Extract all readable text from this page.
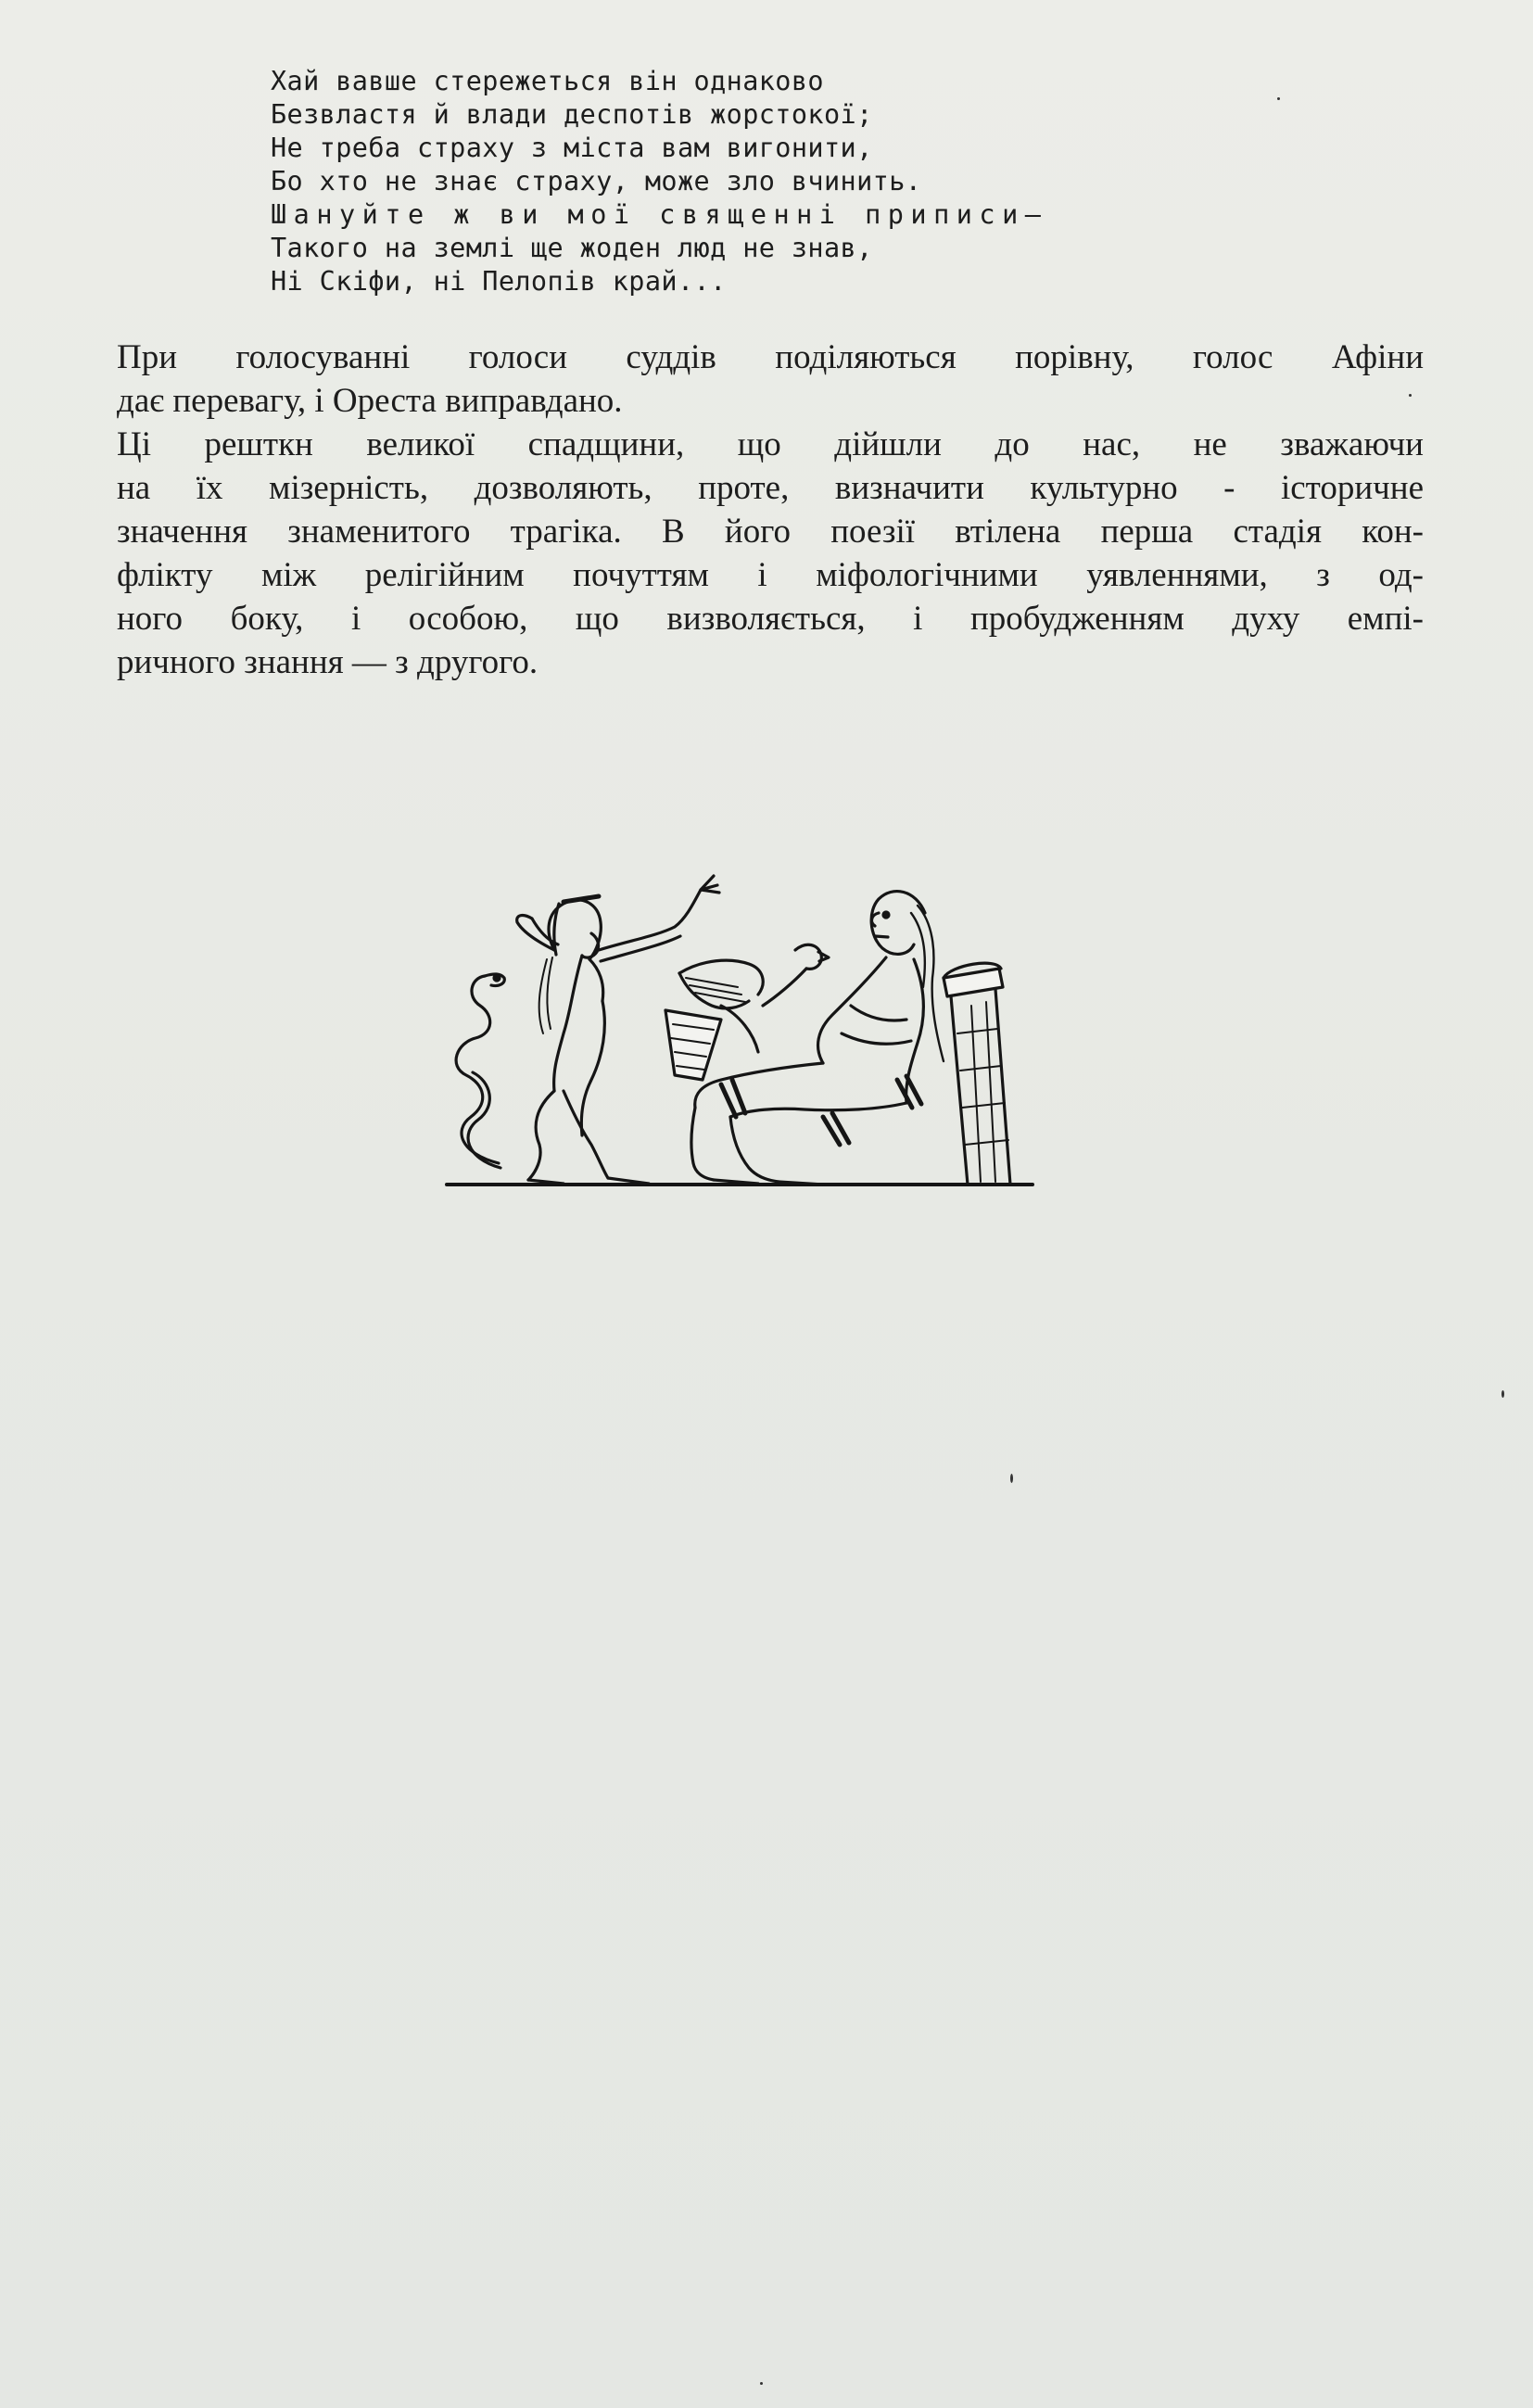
Хай вавше стережеться він однаково
Безвластя й влади деспотів жорстокої;
Не треба страху з міста вам вигонити,
Бо хто не знає страху, може зло вчинить.
Шануйте ж ви мої священні приписи—
Такого на землі ще жоден люд не знав,
Ні Скіфи, ні Пелопів край...
При голосуванні голоси суддів поділяються порівну, голос Афіни
дає перевагу, і Ореста виправдано.
Ці решткн великої спадщини, що дійшли до нас, не зважаючи
на їх мізерність, дозволяють, проте, визначити культурно - історичне
значення знаменитого трагіка. В його поезії втілена перша стадія кон-
флікту між релігійним почуттям і міфологічними уявленнями, з од-
ного боку, і особою, що визволяється, і пробудженням духу емпі-
ричного знання — з другого.
